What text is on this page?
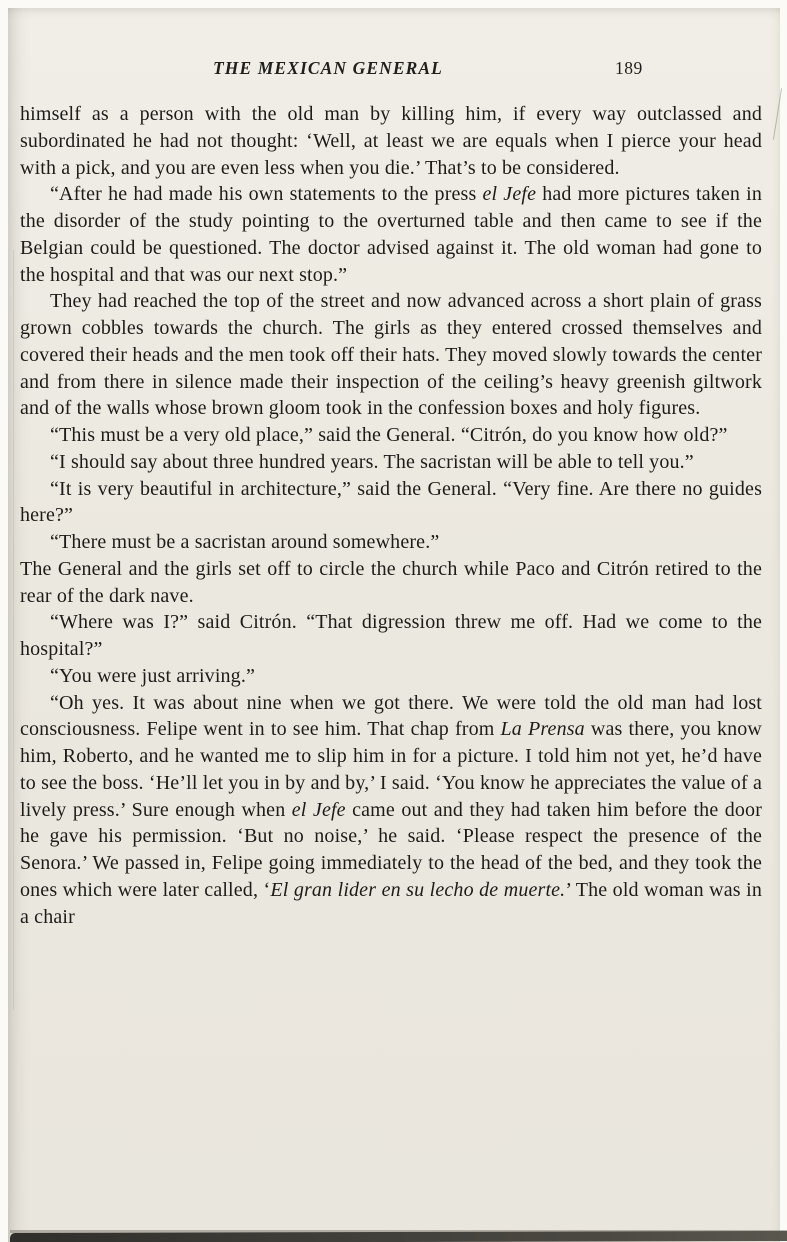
THE MEXICAN GENERAL	189

himself as a person with the old man by killing him, if every way outclassed and subordinated he had not thought: ‘Well, at least we are equals when I pierce your head with a pick, and you are even less when you die.’ That’s to be considered.

“After he had made his own statements to the press el Jefe had more pictures taken in the disorder of the study pointing to the overturned table and then came to see if the Belgian could be questioned. The doctor advised against it. The old woman had gone to the hospital and that was our next stop.”

They had reached the top of the street and now advanced across a short plain of grass grown cobbles towards the church. The girls as they entered crossed themselves and covered their heads and the men took off their hats. They moved slowly towards the center and from there in silence made their inspection of the ceiling’s heavy greenish giltwork and of the walls whose brown gloom took in the confession boxes and holy figures.

“This must be a very old place,” said the General. “Citrón, do you know how old?”

“I should say about three hundred years. The sacristan will be able to tell you.”

“It is very beautiful in architecture,” said the General. “Very fine. Are there no guides here?”

“There must be a sacristan around somewhere.”

The General and the girls set off to circle the church while Paco and Citrón retired to the rear of the dark nave.

“Where was I?” said Citrón. “That digression threw me off. Had we come to the hospital?”

“You were just arriving.”

“Oh yes. It was about nine when we got there. We were told the old man had lost consciousness. Felipe went in to see him. That chap from La Prensa was there, you know him, Roberto, and he wanted me to slip him in for a picture. I told him not yet, he’d have to see the boss. ‘He’ll let you in by and by,’ I said. ‘You know he appreciates the value of a lively press.’ Sure enough when el Jefe came out and they had taken him before the door he gave his permission. ‘But no noise,’ he said. ‘Please respect the presence of the Senora.’ We passed in, Felipe going immediately to the head of the bed, and they took the ones which were later called, ‘El gran lider en su lecho de muerte.’ The old woman was in a chair
